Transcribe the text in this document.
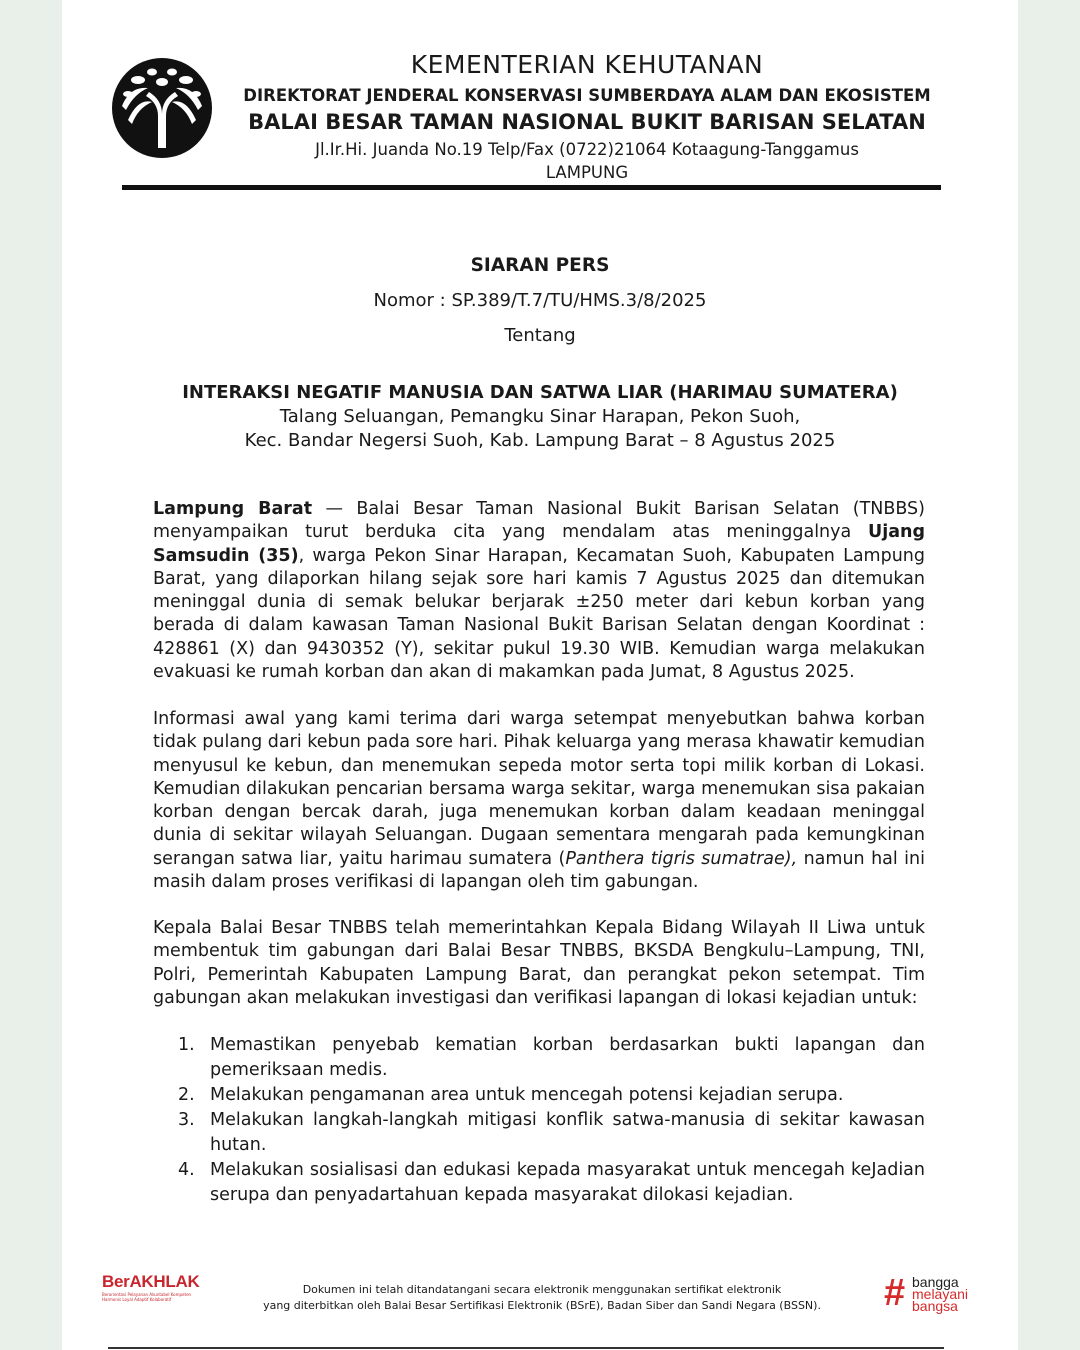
KEMENTERIAN KEHUTANAN
DIREKTORAT JENDERAL KONSERVASI SUMBERDAYA ALAM DAN EKOSISTEM
BALAI BESAR TAMAN NASIONAL BUKIT BARISAN SELATAN
Jl.Ir.Hi. Juanda No.19 Telp/Fax (0722)21064 Kotaagung-Tanggamus
LAMPUNG
SIARAN PERS
Nomor : SP.389/T.7/TU/HMS.3/8/2025
Tentang
INTERAKSI NEGATIF MANUSIA DAN SATWA LIAR (HARIMAU SUMATERA)
Talang Seluangan, Pemangku Sinar Harapan, Pekon Suoh,
Kec. Bandar Negersi Suoh, Kab. Lampung Barat – 8 Agustus 2025
Lampung Barat — Balai Besar Taman Nasional Bukit Barisan Selatan (TNBBS) menyampaikan turut berduka cita yang mendalam atas meninggalnya Ujang Samsudin (35), warga Pekon Sinar Harapan, Kecamatan Suoh, Kabupaten Lampung Barat, yang dilaporkan hilang sejak sore hari kamis 7 Agustus 2025 dan ditemukan meninggal dunia di semak belukar berjarak ±250 meter dari kebun korban yang berada di dalam kawasan Taman Nasional Bukit Barisan Selatan dengan Koordinat : 428861 (X) dan 9430352 (Y), sekitar pukul 19.30 WIB. Kemudian warga melakukan evakuasi ke rumah korban dan akan di makamkan pada Jumat, 8 Agustus 2025.
Informasi awal yang kami terima dari warga setempat menyebutkan bahwa korban tidak pulang dari kebun pada sore hari. Pihak keluarga yang merasa khawatir kemudian menyusul ke kebun, dan menemukan sepeda motor serta topi milik korban di Lokasi. Kemudian dilakukan pencarian bersama warga sekitar, warga menemukan sisa pakaian korban dengan bercak darah, juga menemukan korban dalam keadaan meninggal dunia di sekitar wilayah Seluangan. Dugaan sementara mengarah pada kemungkinan serangan satwa liar, yaitu harimau sumatera (Panthera tigris sumatrae), namun hal ini masih dalam proses verifikasi di lapangan oleh tim gabungan.
Kepala Balai Besar TNBBS telah memerintahkan Kepala Bidang Wilayah II Liwa untuk membentuk tim gabungan dari Balai Besar TNBBS, BKSDA Bengkulu–Lampung, TNI, Polri, Pemerintah Kabupaten Lampung Barat, dan perangkat pekon setempat. Tim gabungan akan melakukan investigasi dan verifikasi lapangan di lokasi kejadian untuk:
1. Memastikan penyebab kematian korban berdasarkan bukti lapangan dan pemeriksaan medis.
2. Melakukan pengamanan area untuk mencegah potensi kejadian serupa.
3. Melakukan langkah-langkah mitigasi konflik satwa-manusia di sekitar kawasan hutan.
4. Melakukan sosialisasi dan edukasi kepada masyarakat untuk mencegah keJadian serupa dan penyadartahuan kepada masyarakat dilokasi kejadian.
BerAKHLAK
Berorientasi Pelayanan Akuntabel Kompeten Harmonis Loyal Adaptif Kolaboratif
Dokumen ini telah ditandatangani secara elektronik menggunakan sertifikat elektronik
yang diterbitkan oleh Balai Besar Sertifikasi Elektronik (BSrE), Badan Siber dan Sandi Negara (BSSN).	# bangga
melayani
bangsa
